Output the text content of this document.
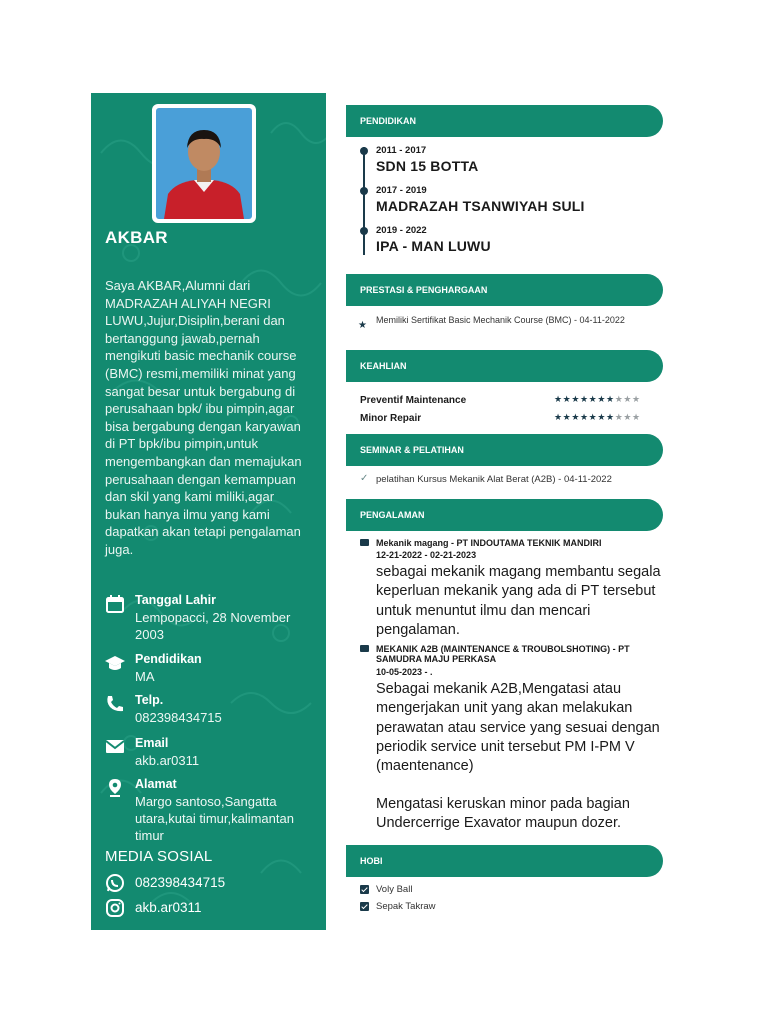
AKBAR

Saya AKBAR,Alumni dari MADRAZAH ALIYAH NEGRI LUWU,Jujur,Disiplin,berani dan bertanggung jawab,pernah mengikuti basic mechanik course (BMC) resmi,memiliki minat yang sangat besar untuk bergabung di perusahaan bpk/ ibu pimpin,agar bisa bergabung dengan karyawan di PT bpk/ibu pimpin,untuk mengembangkan dan memajukan perusahaan dengan kemampuan dan skil yang kami miliki,agar bukan hanya ilmu yang kami dapatkan akan tetapi pengalaman juga.

Tanggal Lahir
Lempopacci, 28 November 2003
Pendidikan
MA
Telp.
082398434715
Email
akb.ar0311
Alamat
Margo santoso,Sangatta utara,kutai timur,kalimantan timur
MEDIA SOSIAL
082398434715
akb.ar0311
PENDIDIKAN
2011 - 2017
SDN 15 BOTTA
2017 - 2019
MADRAZAH TSANWIYAH SULI
2019 - 2022
IPA - MAN LUWU
PRESTASI & PENGHARGAAN
★ Memiliki Sertifikat Basic Mechanik Course (BMC) - 04-11-2022
KEAHLIAN
Preventif Maintenance	★★★★★★★★★★
Minor Repair	★★★★★★★★★★
SEMINAR & PELATIHAN
✓ pelatihan Kursus Mekanik Alat Berat (A2B) - 04-11-2022
PENGALAMAN
Mekanik magang - PT INDOUTAMA TEKNIK MANDIRI
12-21-2022 - 02-21-2023
sebagai mekanik magang membantu segala keperluan mekanik yang ada di PT tersebut untuk menuntut ilmu dan mencari pengalaman.
MEKANIK A2B (MAINTENANCE & TROUBOLSHOTING) - PT SAMUDRA MAJU PERKASA
10-05-2023 - .
Sebagai mekanik A2B,Mengatasi atau mengerjakan unit yang akan melakukan perawatan atau service yang sesuai dengan periodik service unit tersebut PM I-PM V (maentenance)
Mengatasi keruskan minor pada bagian Undercerrige Exavator maupun dozer.
HOBI
Voly Ball
Sepak Takraw
